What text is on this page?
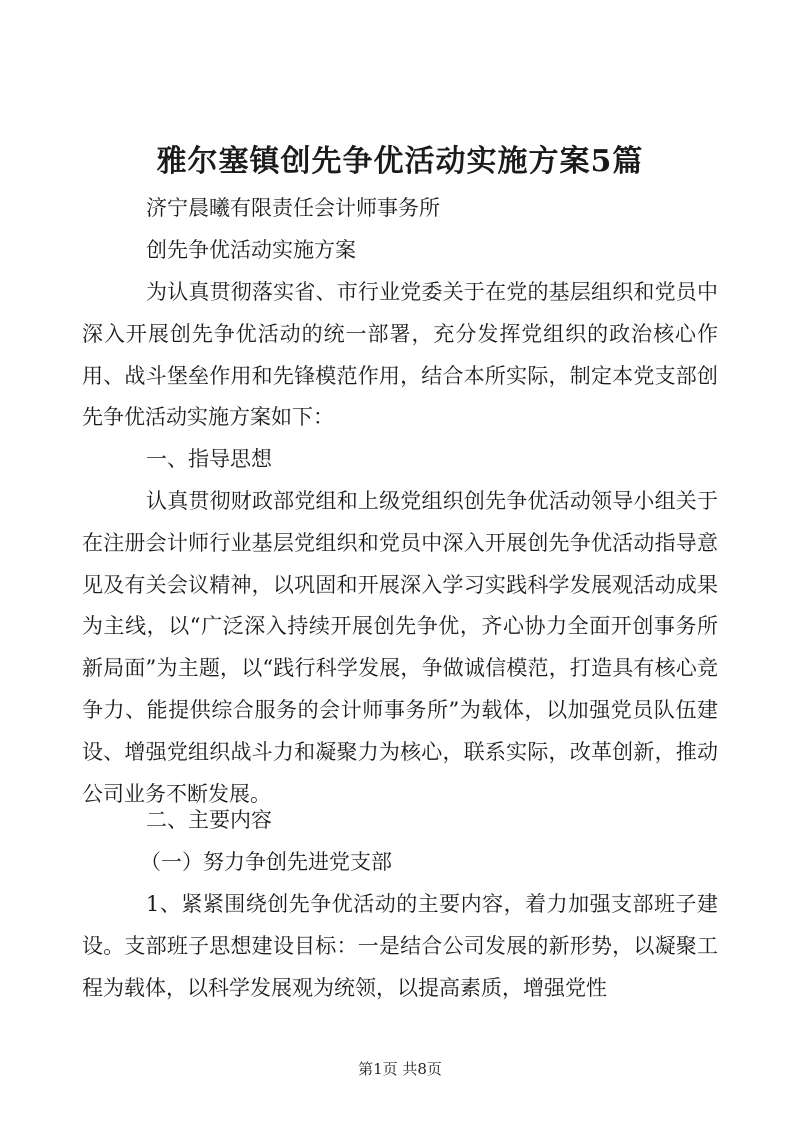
雅尔塞镇创先争优活动实施方案5篇
济宁晨曦有限责任会计师事务所
创先争优活动实施方案
为认真贯彻落实省、市行业党委关于在党的基层组织和党员中深入开展创先争优活动的统一部署，充分发挥党组织的政治核心作用、战斗堡垒作用和先锋模范作用，结合本所实际，制定本党支部创先争优活动实施方案如下：
一、指导思想
认真贯彻财政部党组和上级党组织创先争优活动领导小组关于在注册会计师行业基层党组织和党员中深入开展创先争优活动指导意见及有关会议精神，以巩固和开展深入学习实践科学发展观活动成果为主线，以“广泛深入持续开展创先争优，齐心协力全面开创事务所新局面”为主题，以“践行科学发展，争做诚信模范，打造具有核心竞争力、能提供综合服务的会计师事务所”为载体，以加强党员队伍建设、增强党组织战斗力和凝聚力为核心，联系实际，改革创新，推动公司业务不断发展。
二、主要内容
（一）努力争创先进党支部
1、紧紧围绕创先争优活动的主要内容，着力加强支部班子建设。支部班子思想建设目标：一是结合公司发展的新形势，以凝聚工程为载体，以科学发展观为统领，以提高素质，增强党性
第1页 共8页
